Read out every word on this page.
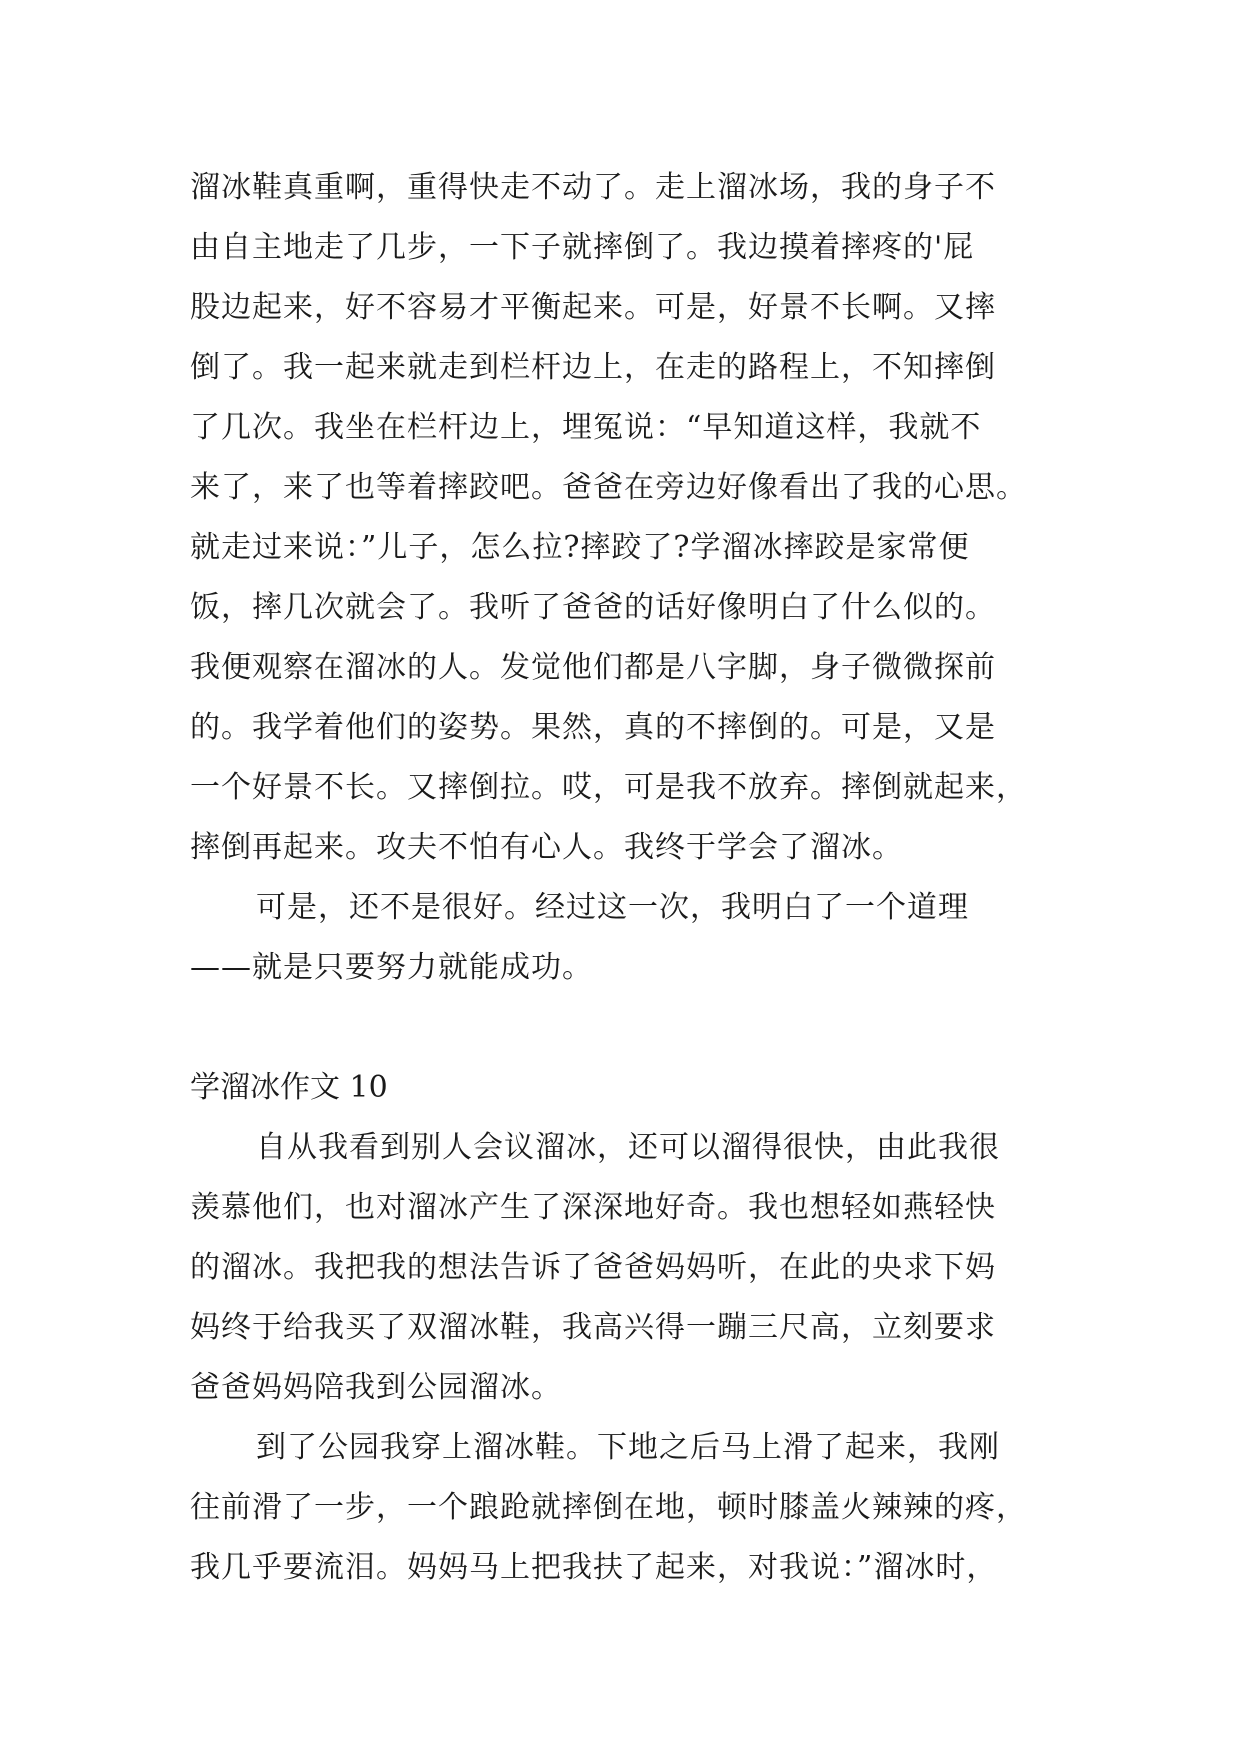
溜冰鞋真重啊，重得快走不动了。走上溜冰场，我的身子不
由自主地走了几步，一下子就摔倒了。我边摸着摔疼的'屁
股边起来，好不容易才平衡起来。可是，好景不长啊。又摔
倒了。我一起来就走到栏杆边上，在走的路程上，不知摔倒
了几次。我坐在栏杆边上，埋冤说：“早知道这样，我就不
来了，来了也等着摔跤吧。爸爸在旁边好像看出了我的心思。
就走过来说：”儿子，怎么拉?摔跤了?学溜冰摔跤是家常便
饭，摔几次就会了。我听了爸爸的话好像明白了什么似的。
我便观察在溜冰的人。发觉他们都是八字脚，身子微微探前
的。我学着他们的姿势。果然，真的不摔倒的。可是，又是
一个好景不长。又摔倒拉。哎，可是我不放弃。摔倒就起来，
摔倒再起来。攻夫不怕有心人。我终于学会了溜冰。
可是，还不是很好。经过这一次，我明白了一个道理
——就是只要努力就能成功。
学溜冰作文 10
自从我看到别人会议溜冰，还可以溜得很快，由此我很
羡慕他们，也对溜冰产生了深深地好奇。我也想轻如燕轻快
的溜冰。我把我的想法告诉了爸爸妈妈听，在此的央求下妈
妈终于给我买了双溜冰鞋，我高兴得一蹦三尺高，立刻要求
爸爸妈妈陪我到公园溜冰。
到了公园我穿上溜冰鞋。下地之后马上滑了起来，我刚
往前滑了一步，一个踉跄就摔倒在地，顿时膝盖火辣辣的疼，
我几乎要流泪。妈妈马上把我扶了起来，对我说：”溜冰时，
